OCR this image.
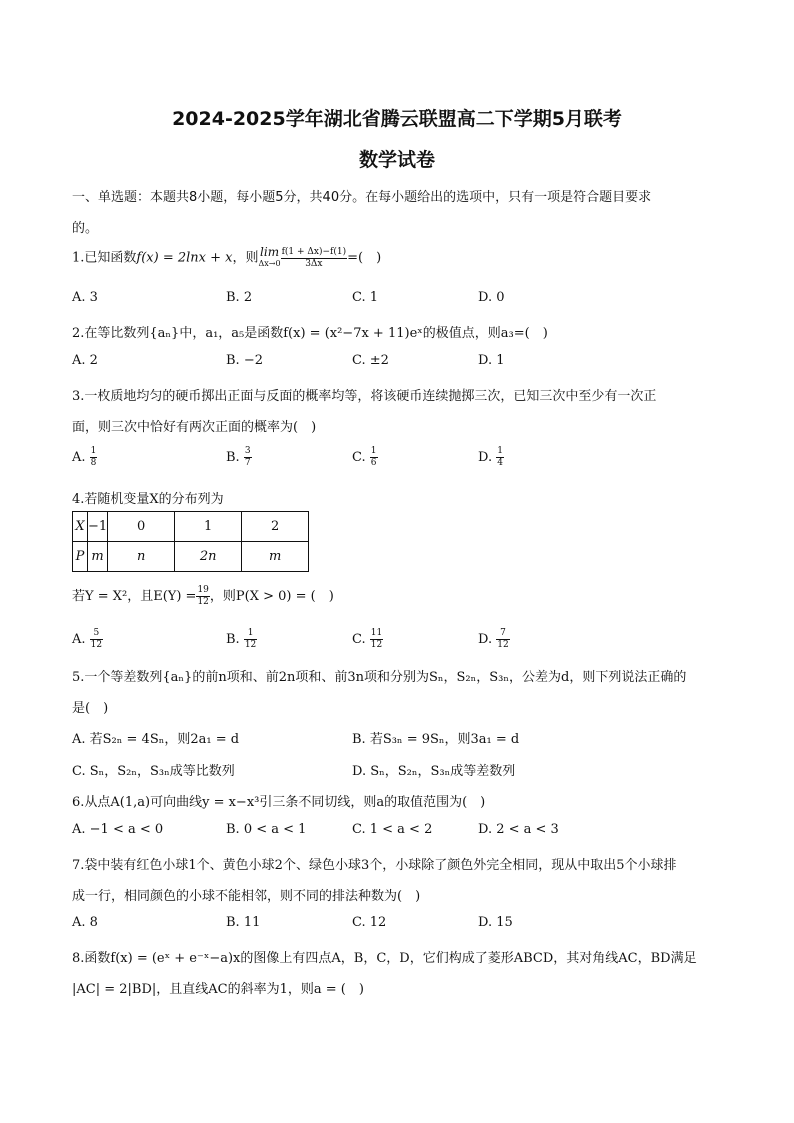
2024-2025学年湖北省腾云联盟高二下学期5月联考
数学试卷
一、单选题：本题共8小题，每小题5分，共40分。在每小题给出的选项中，只有一项是符合题目要求
的。
1.已知函数f(x) = 2lnx + x，则 lim
$\Delta x\to 0 \frac{f(1 + \Delta x)-f(1)}{3\Delta x}$ =(　)
A. 3	B. 2	C. 1	D. 0
2.在等比数列{aₙ}中，a₁，a₅是函数f(x) = (x²−7x + 11)eˣ的极值点，则a₃=(　)
A. 2	B. −2	C. ±2	D. 1
3.一枚质地均匀的硬币掷出正面与反面的概率均等，将该硬币连续抛掷三次，已知三次中至少有一次正
面，则三次中恰好有两次正面的概率为(　)
A. $\frac{1}{8}$	B. $\frac{3}{7}$	C. $\frac{1}{6}$	D. $\frac{1}{4}$
4.若随机变量X的分布列为
X	−1	0	1	2
P	m	n	2n	m
若Y = X²，且$E(Y) = \frac{19}{12}$ ，则P(X > 0) = (　)
A. $\frac{5}{12}$	B. $\frac{1}{12}$	C. $\frac{11}{12}$	D. $\frac{7}{12}$
5.一个等差数列{aₙ}的前n项和、前2n项和、前3n项和分别为Sₙ，S₂ₙ，S₃ₙ，公差为d，则下列说法正确的
是(　)
A. 若S₂ₙ = 4Sₙ，则2a₁ = d	B. 若S₃ₙ = 9Sₙ，则3a₁ = d
C. Sₙ，S₂ₙ，S₃ₙ成等比数列	D. Sₙ，S₂ₙ，S₃ₙ成等差数列
6.从点A(1,a)可向曲线y = x−x³引三条不同切线，则a的取值范围为(　)
A. −1 < a < 0	B. 0 < a < 1	C. 1 < a < 2	D. 2 < a < 3
7.袋中装有红色小球1个、黄色小球2个、绿色小球3个，小球除了颜色外完全相同，现从中取出5个小球排
成一行，相同颜色的小球不能相邻，则不同的排法种数为(　)
A. 8	B. 11	C. 12	D. 15
8.函数f(x) = (eˣ + e⁻ˣ−a)x的图像上有四点A，B，C，D，它们构成了菱形ABCD，其对角线AC，BD满足
|AC| = 2|BD|，且直线AC的斜率为1，则a = (　)
